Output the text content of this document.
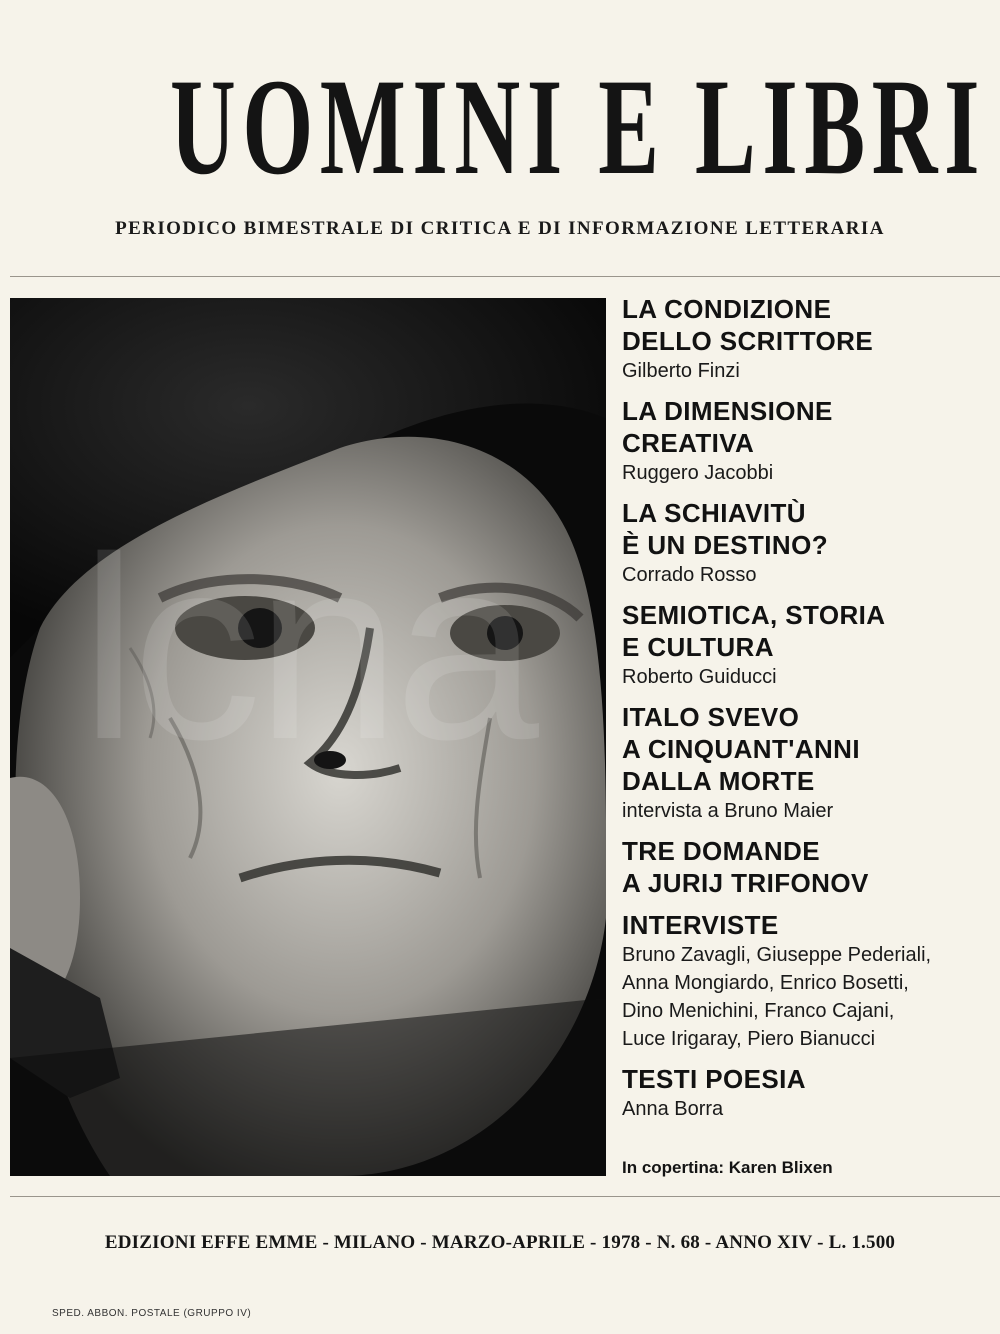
UOMINI E LIBRI
PERIODICO BIMESTRALE DI CRITICA E DI INFORMAZIONE LETTERARIA
LA CONDIZIONE
DELLO SCRITTORE
Gilberto Finzi
LA DIMENSIONE
CREATIVA
Ruggero Jacobbi
LA SCHIAVITÙ
È UN DESTINO?
Corrado Rosso
SEMIOTICA, STORIA
E CULTURA
Roberto Guiducci
ITALO SVEVO
A CINQUANT'ANNI
DALLA MORTE
intervista a Bruno Maier
TRE DOMANDE
A JURIJ TRIFONOV
INTERVISTE
Bruno Zavagli, Giuseppe Pederiali,
Anna Mongiardo, Enrico Bosetti,
Dino Menichini, Franco Cajani,
Luce Irigaray, Piero Bianucci
TESTI POESIA
Anna Borra
In copertina: Karen Blixen
EDIZIONI EFFE EMME - MILANO - MARZO-APRILE - 1978 - N. 68 - ANNO XIV - L. 1.500
SPED. ABBON. POSTALE (GRUPPO IV)
